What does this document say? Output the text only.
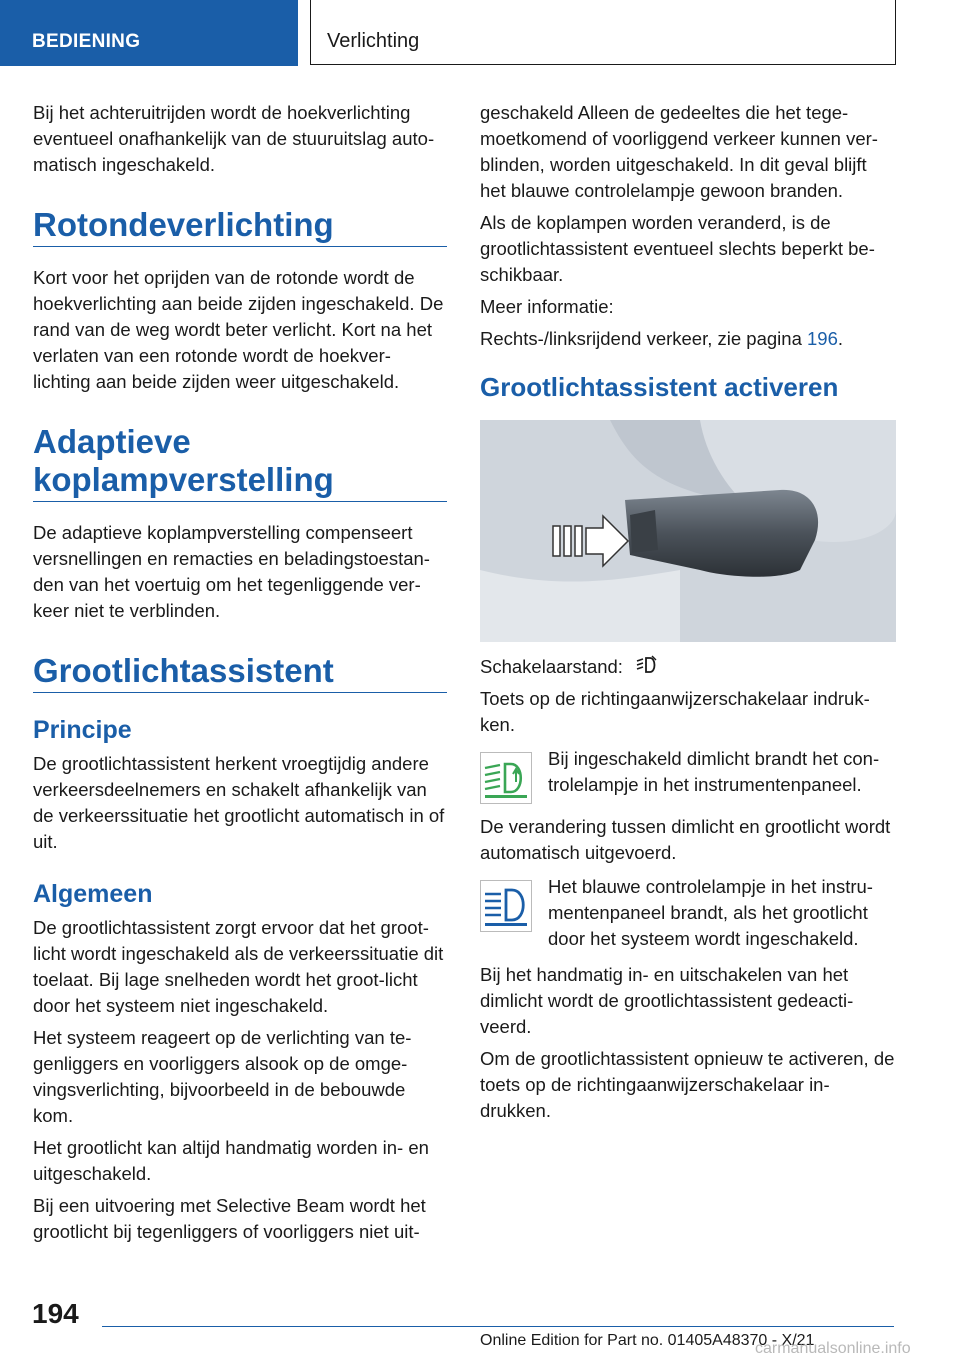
BEDIENING	Verlichting

Bij het achteruitrijden wordt de hoekverlichting eventueel onafhankelijk van de stuuruitslag auto-matisch ingeschakeld.

Rotondeverlichting

Kort voor het oprijden van de rotonde wordt de hoekverlichting aan beide zijden ingeschakeld. De rand van de weg wordt beter verlicht. Kort na het verlaten van een rotonde wordt de hoekver-lichting aan beide zijden weer uitgeschakeld.

Adaptieve koplampverstelling

De adaptieve koplampverstelling compenseert versnellingen en remacties en beladingstoestan-den van het voertuig om het tegenliggende ver-keer niet te verblinden.

Grootlichtassistent
Principe

De grootlichtassistent herkent vroegtijdig andere verkeersdeelnemers en schakelt afhankelijk van de verkeerssituatie het grootlicht automatisch in of uit.

Algemeen

De grootlichtassistent zorgt ervoor dat het groot-licht wordt ingeschakeld als de verkeerssituatie dit toelaat. Bij lage snelheden wordt het groot-licht door het systeem niet ingeschakeld.

Het systeem reageert op de verlichting van te-genliggers en voorliggers alsook op de omge-vingsverlichting, bijvoorbeeld in de bebouwde kom.

Het grootlicht kan altijd handmatig worden in- en uitgeschakeld.

Bij een uitvoering met Selective Beam wordt het grootlicht bij tegenliggers of voorliggers niet uit-

geschakeld Alleen de gedeeltes die het tege-moetkomend of voorliggend verkeer kunnen ver-blinden, worden uitgeschakeld. In dit geval blijft het blauwe controlelampje gewoon branden.

Als de koplampen worden veranderd, is de grootlichtassistent eventueel slechts beperkt be-schikbaar.

Meer informatie:

Rechts-/linksrijdend verkeer, zie pagina 196.

Grootlichtassistent activeren

Schakelaarstand:

Toets op de richtingaanwijzerschakelaar indruk-ken.

Bij ingeschakeld dimlicht brandt het con-trolelampje in het instrumentenpaneel.

De verandering tussen dimlicht en grootlicht wordt automatisch uitgevoerd.

Het blauwe controlelampje in het instru-mentenpaneel brandt, als het grootlicht door het systeem wordt ingeschakeld.

Bij het handmatig in- en uitschakelen van het dimlicht wordt de grootlichtassistent gedeacti-veerd.

Om de grootlichtassistent opnieuw te activeren, de toets op de richtingaanwijzerschakelaar in-drukken.

194
Online Edition for Part no. 01405A48370 - X/21
carmanualsonline.info
